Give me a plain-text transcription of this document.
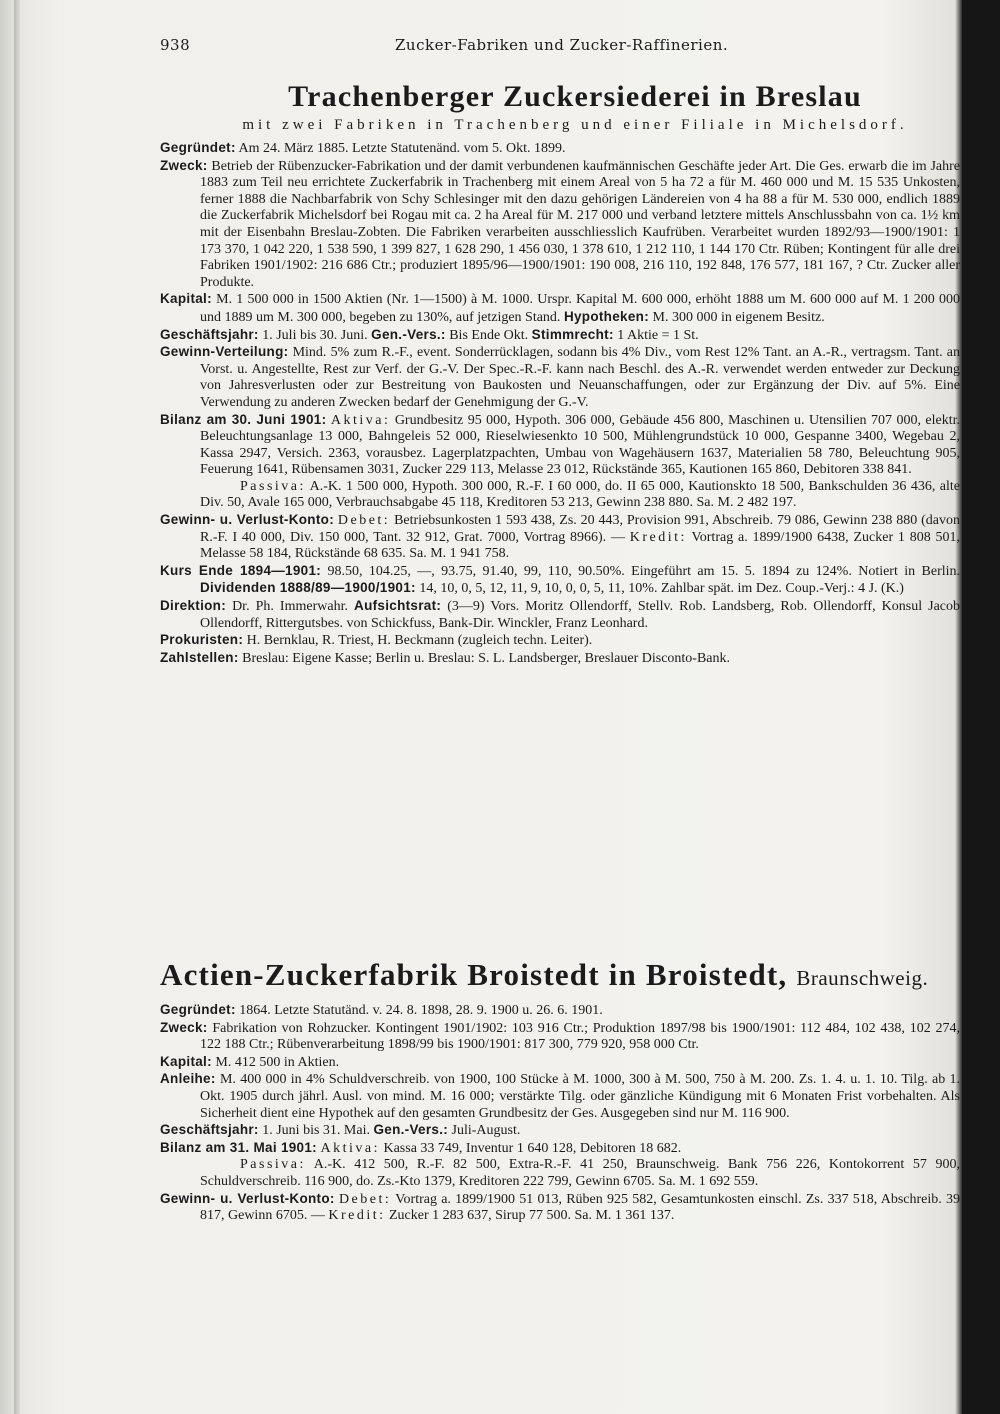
938	Zucker-Fabriken und Zucker-Raffinerien.
Trachenberger Zuckersiederei in Breslau
mit zwei Fabriken in Trachenberg und einer Filiale in Michelsdorf.

Gegründet: Am 24. März 1885. Letzte Statutenänd. vom 5. Okt. 1899.

Zweck: Betrieb der Rübenzucker-Fabrikation und der damit verbundenen kaufmännischen Geschäfte jeder Art. Die Ges. erwarb die im Jahre 1883 zum Teil neu errichtete Zuckerfabrik in Trachenberg mit einem Areal von 5 ha 72 a für M. 460 000 und M. 15 535 Unkosten, ferner 1888 die Nachbarfabrik von Schy Schlesinger mit den dazu gehörigen Ländereien von 4 ha 88 a für M. 530 000, endlich 1889 die Zuckerfabrik Michelsdorf bei Rogau mit ca. 2 ha Areal für M. 217 000 und verband letztere mittels Anschlussbahn von ca. 1½ km mit der Eisenbahn Breslau-Zobten. Die Fabriken verarbeiten ausschliesslich Kaufrüben. Verarbeitet wurden 1892/93—1900/1901: 1 173 370, 1 042 220, 1 538 590, 1 399 827, 1 628 290, 1 456 030, 1 378 610, 1 212 110, 1 144 170 Ctr. Rüben; Kontingent für alle drei Fabriken 1901/1902: 216 686 Ctr.; produziert 1895/96—1900/1901: 190 008, 216 110, 192 848, 176 577, 181 167, ? Ctr. Zucker aller Produkte.

Kapital: M. 1 500 000 in 1500 Aktien (Nr. 1—1500) à M. 1000. Urspr. Kapital M. 600 000, erhöht 1888 um M. 600 000 auf M. 1 200 000 und 1889 um M. 300 000, begeben zu 130%, auf jetzigen Stand. Hypotheken: M. 300 000 in eigenem Besitz.

Geschäftsjahr: 1. Juli bis 30. Juni. Gen.-Vers.: Bis Ende Okt. Stimmrecht: 1 Aktie = 1 St.

Gewinn-Verteilung: Mind. 5% zum R.-F., event. Sonderrücklagen, sodann bis 4% Div., vom Rest 12% Tant. an A.-R., vertragsm. Tant. an Vorst. u. Angestellte, Rest zur Verf. der G.-V. Der Spec.-R.-F. kann nach Beschl. des A.-R. verwendet werden entweder zur Deckung von Jahresverlusten oder zur Bestreitung von Baukosten und Neuanschaffungen, oder zur Ergänzung der Div. auf 5%. Eine Verwendung zu anderen Zwecken bedarf der Genehmigung der G.-V.

Bilanz am 30. Juni 1901: Aktiva: Grundbesitz 95 000, Hypoth. 306 000, Gebäude 456 800, Maschinen u. Utensilien 707 000, elektr. Beleuchtungsanlage 13 000, Bahngeleis 52 000, Rieselwiesenkto 10 500, Mühlengrundstück 10 000, Gespanne 3400, Wegebau 2, Kassa 2947, Versich. 2363, vorausbez. Lagerplatzpachten, Umbau von Wagehäusern 1637, Materialien 58 780, Beleuchtung 905, Feuerung 1641, Rübensamen 3031, Zucker 229 113, Melasse 23 012, Rückstände 365, Kautionen 165 860, Debitoren 338 841.

Passiva: A.-K. 1 500 000, Hypoth. 300 000, R.-F. I 60 000, do. II 65 000, Kautionskto 18 500, Bankschulden 36 436, alte Div. 50, Avale 165 000, Verbrauchsabgabe 45 118, Kreditoren 53 213, Gewinn 238 880. Sa. M. 2 482 197.

Gewinn- u. Verlust-Konto: Debet: Betriebsunkosten 1 593 438, Zs. 20 443, Provision 991, Abschreib. 79 086, Gewinn 238 880 (davon R.-F. I 40 000, Div. 150 000, Tant. 32 912, Grat. 7000, Vortrag 8966). — Kredit: Vortrag a. 1899/1900 6438, Zucker 1 808 501, Melasse 58 184, Rückstände 68 635. Sa. M. 1 941 758.

Kurs Ende 1894—1901: 98.50, 104.25, —, 93.75, 91.40, 99, 110, 90.50%. Eingeführt am 15. 5. 1894 zu 124%. Notiert in Berlin. Dividenden 1888/89—1900/1901: 14, 10, 0, 5, 12, 11, 9, 10, 0, 0, 5, 11, 10%. Zahlbar spät. im Dez. Coup.-Verj.: 4 J. (K.)

Direktion: Dr. Ph. Immerwahr. Aufsichtsrat: (3—9) Vors. Moritz Ollendorff, Stellv. Rob. Landsberg, Rob. Ollendorff, Konsul Jacob Ollendorff, Rittergutsbes. von Schickfuss, Bank-Dir. Winckler, Franz Leonhard.

Prokuristen: H. Bernklau, R. Triest, H. Beckmann (zugleich techn. Leiter).

Zahlstellen: Breslau: Eigene Kasse; Berlin u. Breslau: S. L. Landsberger, Breslauer Disconto-Bank.

Actien-Zuckerfabrik Broistedt in Broistedt, Braunschweig.

Gegründet: 1864. Letzte Statutänd. v. 24. 8. 1898, 28. 9. 1900 u. 26. 6. 1901.

Zweck: Fabrikation von Rohzucker. Kontingent 1901/1902: 103 916 Ctr.; Produktion 1897/98 bis 1900/1901: 112 484, 102 438, 102 274, 122 188 Ctr.; Rübenverarbeitung 1898/99 bis 1900/1901: 817 300, 779 920, 958 000 Ctr.

Kapital: M. 412 500 in Aktien.

Anleihe: M. 400 000 in 4% Schuldverschreib. von 1900, 100 Stücke à M. 1000, 300 à M. 500, 750 à M. 200. Zs. 1. 4. u. 1. 10. Tilg. ab 1. Okt. 1905 durch jährl. Ausl. von mind. M. 16 000; verstärkte Tilg. oder gänzliche Kündigung mit 6 Monaten Frist vorbehalten. Als Sicherheit dient eine Hypothek auf den gesamten Grundbesitz der Ges. Ausgegeben sind nur M. 116 900.

Geschäftsjahr: 1. Juni bis 31. Mai. Gen.-Vers.: Juli-August.

Bilanz am 31. Mai 1901: Aktiva: Kassa 33 749, Inventur 1 640 128, Debitoren 18 682.

Passiva: A.-K. 412 500, R.-F. 82 500, Extra-R.-F. 41 250, Braunschweig. Bank 756 226, Kontokorrent 57 900, Schuldverschreib. 116 900, do. Zs.-Kto 1379, Kreditoren 222 799, Gewinn 6705. Sa. M. 1 692 559.

Gewinn- u. Verlust-Konto: Debet: Vortrag a. 1899/1900 51 013, Rüben 925 582, Gesamtunkosten einschl. Zs. 337 518, Abschreib. 39 817, Gewinn 6705. — Kredit: Zucker 1 283 637, Sirup 77 500. Sa. M. 1 361 137.
